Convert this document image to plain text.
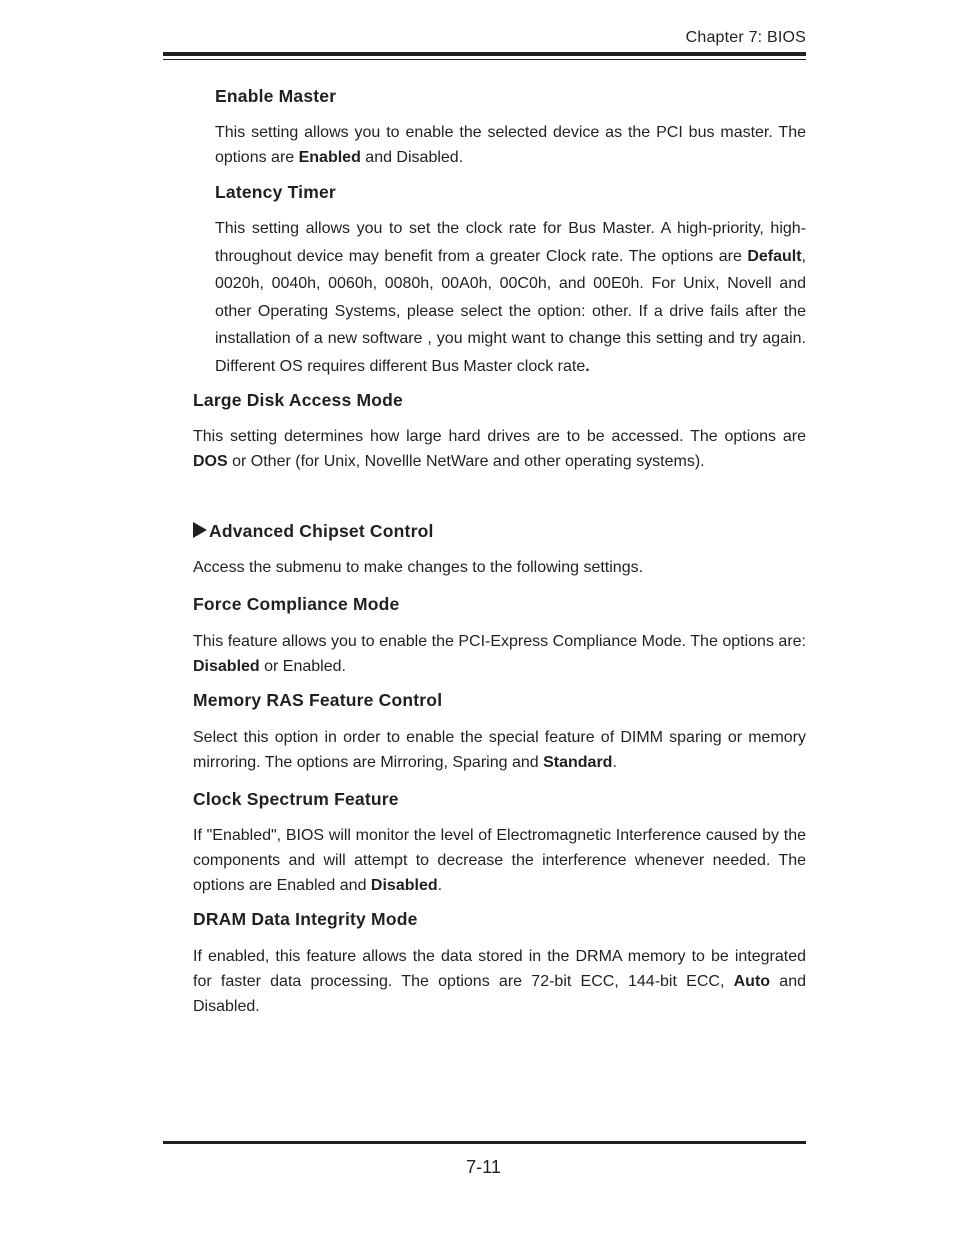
Chapter 7: BIOS
Enable Master

This setting allows you to enable the selected device as the PCI bus master. The options are Enabled and Disabled.

Latency Timer

This setting allows you to set the clock rate for Bus Master. A high-priority, high-throughout device may benefit from a greater Clock rate. The options are Default, 0020h, 0040h, 0060h, 0080h, 00A0h, 00C0h, and 00E0h. For Unix, Novell and other Operating Systems, please select the option: other. If a drive fails after the installation of a new software , you might want to change this setting and try again. Different OS requires different Bus Master clock rate.

Large Disk Access Mode

This setting determines how large hard drives are to be accessed. The options are DOS or Other (for Unix, Novellle NetWare and other operating systems).

Advanced Chipset Control

Access the submenu to make changes to the following settings.

Force Compliance Mode

This feature allows you to enable the PCI-Express Compliance Mode. The options are: Disabled or Enabled.

Memory RAS Feature Control

Select this option in order to enable the special feature of DIMM sparing or memory mirroring. The options are Mirroring, Sparing and Standard.

Clock Spectrum Feature

If "Enabled", BIOS will monitor the level of Electromagnetic Interference caused by the components and will attempt to decrease the interference whenever needed. The options are Enabled and Disabled.

DRAM Data Integrity Mode

If enabled, this feature allows the data stored in the DRMA memory to be integrated for faster data processing. The options are 72-bit ECC, 144-bit ECC, Auto and Disabled.

7-11
